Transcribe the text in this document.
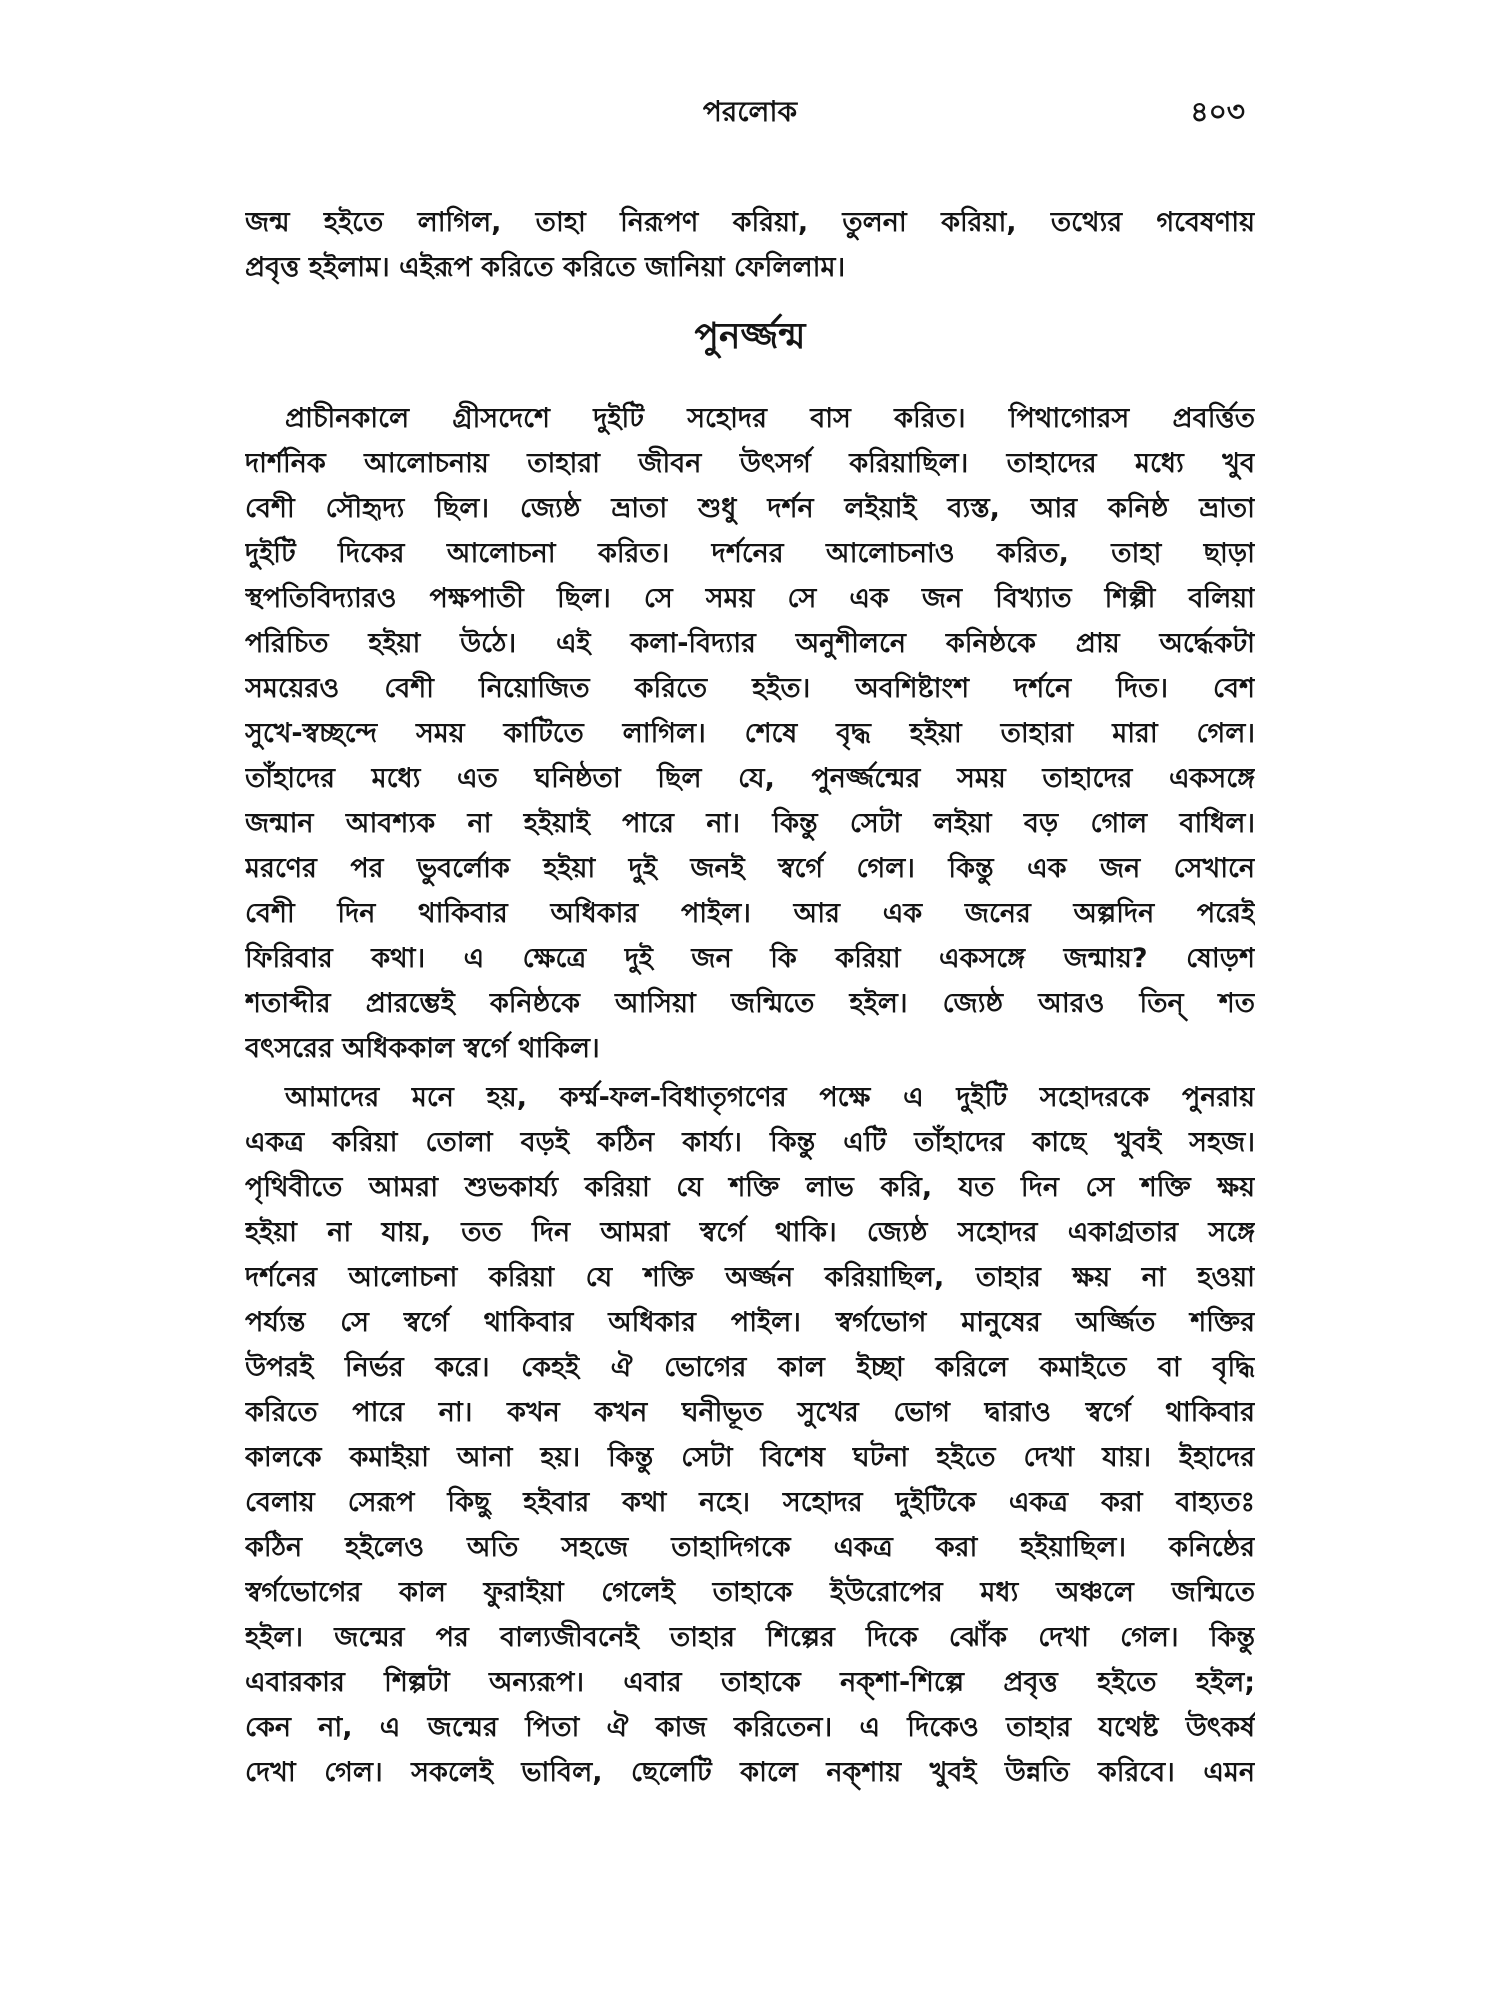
পরলোক	৪০৩
জন্ম হইতে লাগিল, তাহা নিরূপণ করিয়া, তুলনা করিয়া, তথ্যের গবেষণায়
প্রবৃত্ত হইলাম। এইরূপ করিতে করিতে জানিয়া ফেলিলাম।
পুনর্জ্জন্ম
প্রাচীনকালে গ্রীসদেশে দুইটি সহোদর বাস করিত। পিথাগোরস প্রবর্ত্তিত
দার্শনিক আলোচনায় তাহারা জীবন উৎসর্গ করিয়াছিল। তাহাদের মধ্যে খুব
বেশী সৌহৃদ্য ছিল। জ্যেষ্ঠ ভ্রাতা শুধু দর্শন লইয়াই ব্যস্ত, আর কনিষ্ঠ ভ্রাতা
দুইটি দিকের আলোচনা করিত। দর্শনের আলোচনাও করিত, তাহা ছাড়া
স্থপতিবিদ্যারও পক্ষপাতী ছিল। সে সময় সে এক জন বিখ্যাত শিল্পী বলিয়া
পরিচিত হইয়া উঠে। এই কলা-বিদ্যার অনুশীলনে কনিষ্ঠকে প্রায় অর্দ্ধেকটা
সময়েরও বেশী নিয়োজিত করিতে হইত। অবশিষ্টাংশ দর্শনে দিত। বেশ
সুখে-স্বচ্ছন্দে সময় কাটিতে লাগিল। শেষে বৃদ্ধ হইয়া তাহারা মারা গেল।
তাঁহাদের মধ্যে এত ঘনিষ্ঠতা ছিল যে, পুনর্জ্জন্মের সময় তাহাদের একসঙ্গে
জন্মান আবশ্যক না হইয়াই পারে না। কিন্তু সেটা লইয়া বড় গোল বাধিল।
মরণের পর ভুবর্লোক হইয়া দুই জনই স্বর্গে গেল। কিন্তু এক জন সেখানে
বেশী দিন থাকিবার অধিকার পাইল। আর এক জনের অল্পদিন পরেই
ফিরিবার কথা। এ ক্ষেত্রে দুই জন কি করিয়া একসঙ্গে জন্মায়? ষোড়শ
শতাব্দীর প্রারম্ভেই কনিষ্ঠকে আসিয়া জন্মিতে হইল। জ্যেষ্ঠ আরও তিন্ শত
বৎসরের অধিককাল স্বর্গে থাকিল।
আমাদের মনে হয়, কর্ম্ম-ফল-বিধাতৃগণের পক্ষে এ দুইটি সহোদরকে পুনরায়
একত্র করিয়া তোলা বড়ই কঠিন কার্য্য। কিন্তু এটি তাঁহাদের কাছে খুবই সহজ।
পৃথিবীতে আমরা শুভকার্য্য করিয়া যে শক্তি লাভ করি, যত দিন সে শক্তি ক্ষয়
হইয়া না যায়, তত দিন আমরা স্বর্গে থাকি। জ্যেষ্ঠ সহোদর একাগ্রতার সঙ্গে
দর্শনের আলোচনা করিয়া যে শক্তি অর্জ্জন করিয়াছিল, তাহার ক্ষয় না হওয়া
পর্য্যন্ত সে স্বর্গে থাকিবার অধিকার পাইল। স্বর্গভোগ মানুষের অর্জ্জিত শক্তির
উপরই নির্ভর করে। কেহই ঐ ভোগের কাল ইচ্ছা করিলে কমাইতে বা বৃদ্ধি
করিতে পারে না। কখন কখন ঘনীভূত সুখের ভোগ দ্বারাও স্বর্গে থাকিবার
কালকে কমাইয়া আনা হয়। কিন্তু সেটা বিশেষ ঘটনা হইতে দেখা যায়। ইহাদের
বেলায় সেরূপ কিছু হইবার কথা নহে। সহোদর দুইটিকে একত্র করা বাহ্যতঃ
কঠিন হইলেও অতি সহজে তাহাদিগকে একত্র করা হইয়াছিল। কনিষ্ঠের
স্বর্গভোগের কাল ফুরাইয়া গেলেই তাহাকে ইউরোপের মধ্য অঞ্চলে জন্মিতে
হইল। জন্মের পর বাল্যজীবনেই তাহার শিল্পের দিকে ঝোঁক দেখা গেল। কিন্তু
এবারকার শিল্পটা অন্যরূপ। এবার তাহাকে নক্শা-শিল্পে প্রবৃত্ত হইতে হইল;
কেন না, এ জন্মের পিতা ঐ কাজ করিতেন। এ দিকেও তাহার যথেষ্ট উৎকর্ষ
দেখা গেল। সকলেই ভাবিল, ছেলেটি কালে নক্শায় খুবই উন্নতি করিবে। এমন
